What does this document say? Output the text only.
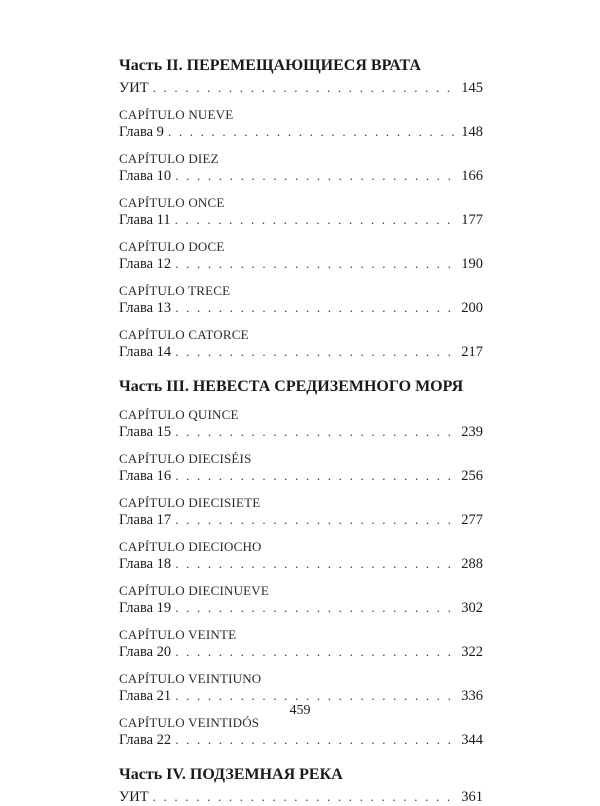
Часть II. ПЕРЕМЕЩАЮЩИЕСЯ ВРАТА
УИТ . . .	145
CAPÍTULO NUEVE
Глава 9 . . .	148
CAPÍTULO DIEZ
Глава 10 . . .	166
CAPÍTULO ONCE
Глава 11 . . .	177
CAPÍTULO DOCE
Глава 12 . . .	190
CAPÍTULO TRECE
Глава 13 . . .	200
CAPÍTULO CATORCE
Глава 14 . . .	217
Часть III. НЕВЕСТА СРЕДИЗЕМНОГО МОРЯ
CAPÍTULO QUINCE
Глава 15 . . .	239
CAPÍTULO DIECISÉIS
Глава 16 . . .	256
CAPÍTULO DIECISIETE
Глава 17 . . .	277
CAPÍTULO DIECIOCHO
Глава 18 . . .	288
CAPÍTULO DIECINUEVE
Глава 19 . . .	302
CAPÍTULO VEINTE
Глава 20 . . .	322
CAPÍTULO VEINTIUNO
Глава 21 . . .	336
CAPÍTULO VEINTIDÓS
Глава 22 . . .	344
Часть IV. ПОДЗЕМНАЯ РЕКА
УИТ . . .	361
459
